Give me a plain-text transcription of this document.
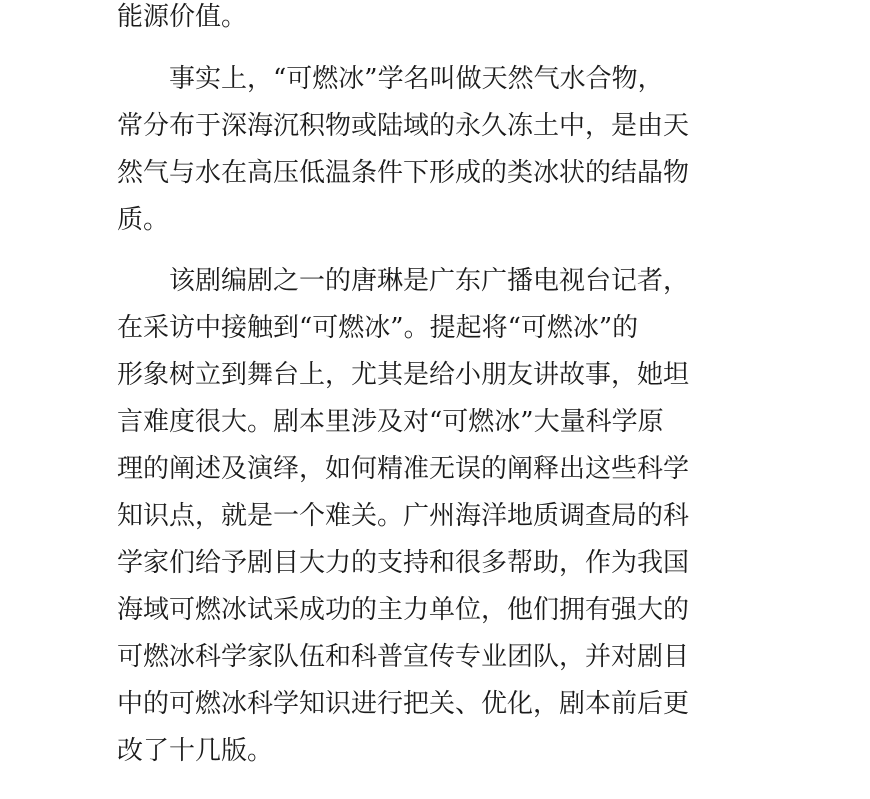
能源价值。
事实上，“可燃冰”学名叫做天然气水合物，
常分布于深海沉积物或陆域的永久冻土中，是由天
然气与水在高压低温条件下形成的类冰状的结晶物
质。
该剧编剧之一的唐琳是广东广播电视台记者，
在采访中接触到“可燃冰”。提起将“可燃冰”的
形象树立到舞台上，尤其是给小朋友讲故事，她坦
言难度很大。剧本里涉及对“可燃冰”大量科学原
理的阐述及演绎，如何精准无误的阐释出这些科学
知识点，就是一个难关。广州海洋地质调查局的科
学家们给予剧目大力的支持和很多帮助，作为我国
海域可燃冰试采成功的主力单位，他们拥有强大的
可燃冰科学家队伍和科普宣传专业团队，并对剧目
中的可燃冰科学知识进行把关、优化，剧本前后更
改了十几版。
